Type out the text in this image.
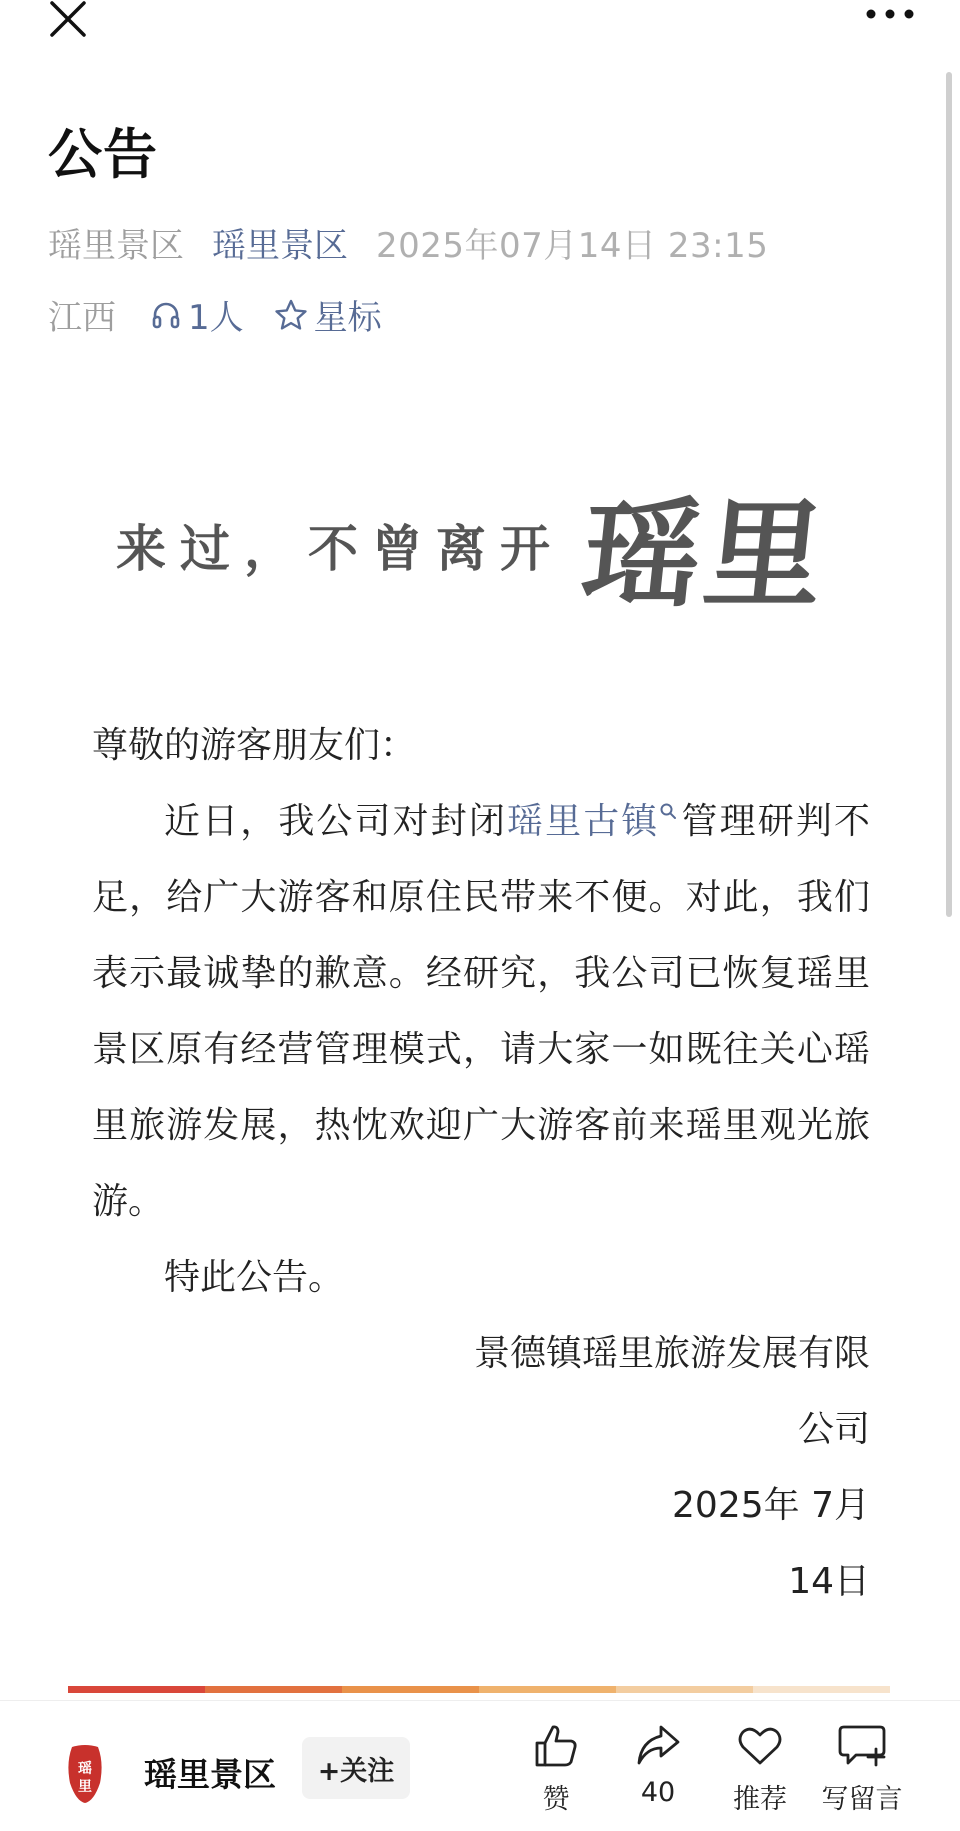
公告
瑶里景区 瑶里景区 2025年07月14日 23:15
江西 1人 星标
来过，不曾离开 瑶里

尊敬的游客朋友们：

近日，我公司对封闭瑶里古镇 管理研判不足，给广大游客和原住民带来不便。对此，我们表示最诚挚的歉意。经研究，我公司已恢复瑶里景区原有经营管理模式，请大家一如既往关心瑶里旅游发展，热忱欢迎广大游客前来瑶里观光旅游。

特此公告。

景德镇瑶里旅游发展有限

公司

2025年 7月

14日

瑶
里 瑶里景区	+关注
赞	40 推荐 写留言
